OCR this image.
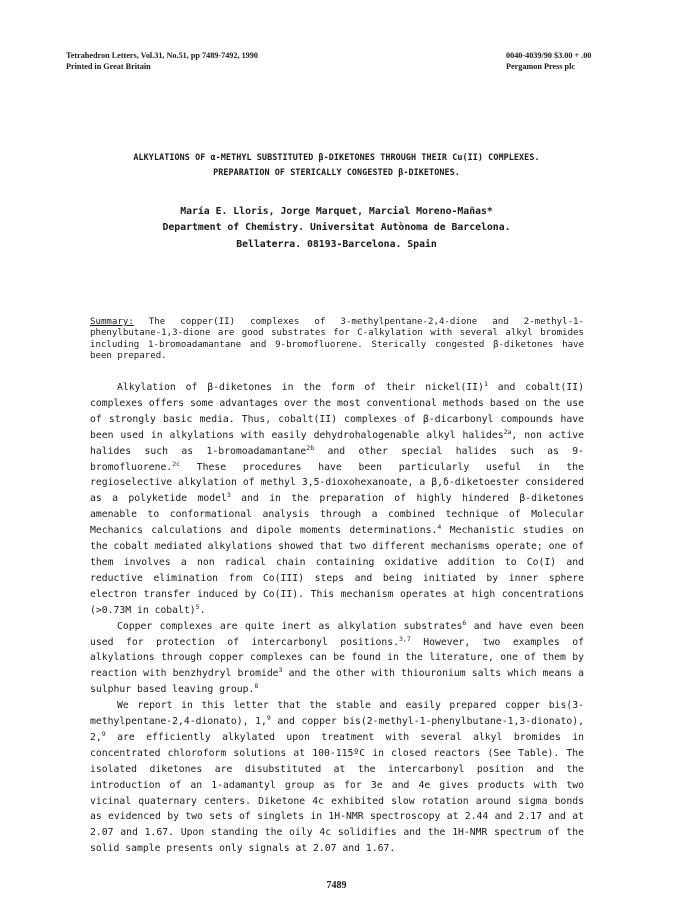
Tetrahedron Letters, Vol.31, No.51, pp 7489-7492, 1990
Printed in Great Britain
0040-4039/90 $3.00 + .00
Pergamon Press plc
ALKYLATIONS OF α-METHYL SUBSTITUTED β-DIKETONES THROUGH THEIR Cu(II) COMPLEXES.
PREPARATION OF STERICALLY CONGESTED β-DIKETONES.
María E. Lloris, Jorge Marquet, Marcial Moreno-Mañas*
Department of Chemistry. Universitat Autònoma de Barcelona.
Bellaterra. 08193-Barcelona. Spain
Summary: The copper(II) complexes of 3-methylpentane-2,4-dione and 2-methyl-1-phenylbutane-1,3-dione are good substrates for C-alkylation with several alkyl bromides including 1-bromoadamantane and 9-bromofluorene. Sterically congested β-diketones have been prepared.

Alkylation of β-diketones in the form of their nickel(II)$^1$ and cobalt(II) complexes offers some advantages over the most conventional methods based on the use of strongly basic media. Thus, cobalt(II) complexes of β-dicarbonyl compounds have been used in alkylations with easily dehydrohalogenable alkyl halides$^{2a}$, non active halides such as 1-bromoadamantane$^{2b}$ and other special halides such as 9-bromofluorene.$^{2c}$ These procedures have been particularly useful in the regioselective alkylation of methyl 3,5-dioxohexanoate, a β,δ-diketoester considered as a polyketide model$^3$ and in the preparation of highly hindered β-diketones amenable to conformational analysis through a combined technique of Molecular Mechanics calculations and dipole moments determinations.$^4$ Mechanistic studies on the cobalt mediated alkylations showed that two different mechanisms operate; one of them involves a non radical chain containing oxidative addition to Co(I) and reductive elimination from Co(III) steps and being initiated by inner sphere electron transfer induced by Co(II). This mechanism operates at high concentrations (>0.73M in cobalt)$^5$.

Copper complexes are quite inert as alkylation substrates$^6$ and have even been used for protection of intercarbonyl positions.$^{3,7}$ However, two examples of alkylations through copper complexes can be found in the literature, one of them by reaction with benzhydryl bromide$^3$ and the other with thiouronium salts which means a sulphur based leaving group.$^8$

We report in this letter that the stable and easily prepared copper bis(3-methylpentane-2,4-dionato), 1,$^9$ and copper bis(2-methyl-1-phenylbutane-1,3-dionato), 2,$^9$ are efficiently alkylated upon treatment with several alkyl bromides in concentrated chloroform solutions at 100-115ºC in closed reactors (See Table). The isolated diketones are disubstituted at the intercarbonyl position and the introduction of an 1-adamantyl group as for 3e and 4e gives products with two vicinal quaternary centers. Diketone 4c exhibited slow rotation around sigma bonds as evidenced by two sets of singlets in 1H-NMR spectroscopy at 2.44 and 2.17 and at 2.07 and 1.67. Upon standing the oily 4c solidifies and the 1H-NMR spectrum of the solid sample presents only signals at 2.07 and 1.67.

7489
